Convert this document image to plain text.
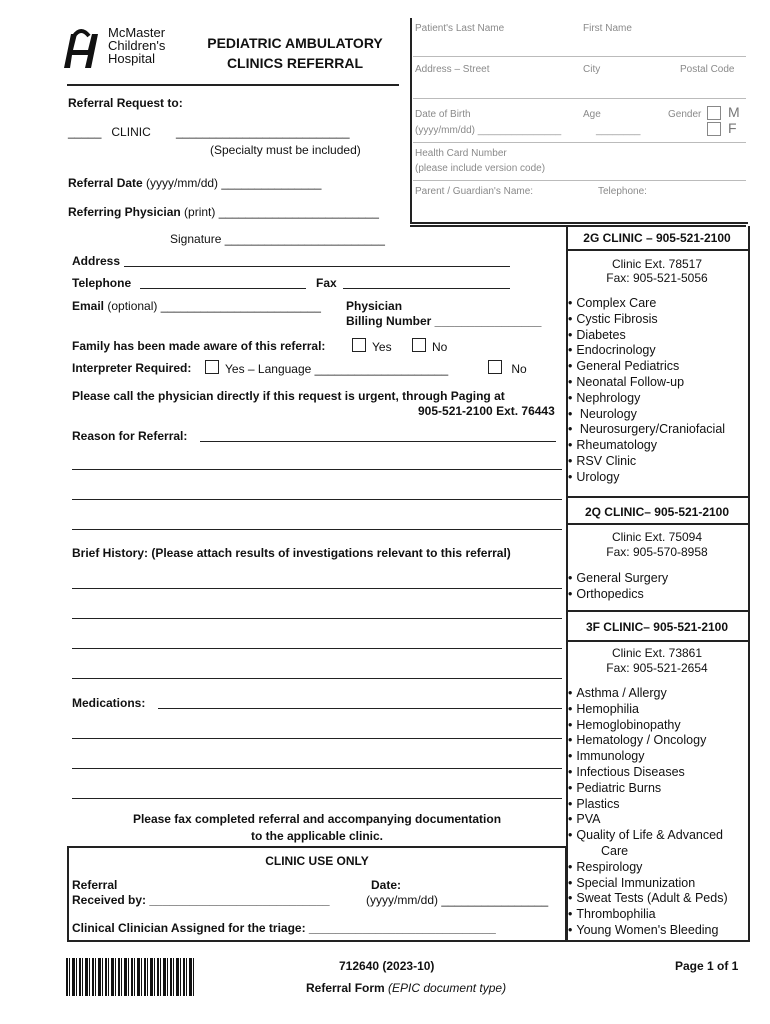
McMaster
Children's
Hospital
PEDIATRIC AMBULATORY
CLINICS REFERRAL
Patient's Last Name	First Name
Address – Street	City	Postal Code
Date of Birth
(yyyy/mm/dd) _______________
Age
________
Gender M
F
Health Card Number
(please include version code)
Parent / Guardian's Name:	Telephone:
Referral Request to:
_____ CLINIC __________________________
(Specialty must be included)
Referral Date (yyyy/mm/dd) _______________
Referring Physician (print) ________________________
Signature ________________________
Address
Telephone	Fax
Email (optional) ________________________ Physician
Billing Number ________________
Family has been made aware of this referral:	Yes	No
Interpreter Required:	Yes – Language ____________________	No
Please call the physician directly if this request is urgent, through Paging at
905-521-2100 Ext. 76443
Reason for Referral:
Brief History: (Please attach results of investigations relevant to this referral)
Medications:
Please fax completed referral and accompanying documentation
to the applicable clinic.
CLINIC USE ONLY
Referral
Received by: ___________________________
Date:
(yyyy/mm/dd) ________________
Clinical Clinician Assigned for the triage: ____________________________
2G CLINIC – 905-521-2100
Clinic Ext. 78517
Fax: 905-521-5056
• Complex Care
• Cystic Fibrosis
• Diabetes
• Endocrinology
• General Pediatrics
• Neonatal Follow-up
• Nephrology
• Neurology
• Neurosurgery/Craniofacial
• Rheumatology
• RSV Clinic
• Urology
2Q CLINIC– 905-521-2100
Clinic Ext. 75094
Fax: 905-570-8958
• General Surgery
• Orthopedics
3F CLINIC– 905-521-2100
Clinic Ext. 73861
Fax: 905-521-2654
• Asthma / Allergy
• Hemophilia
• Hemoglobinopathy
• Hematology / Oncology
• Immunology
• Infectious Diseases
• Pediatric Burns
• Plastics
• PVA
• Quality of Life & Advanced
Care
• Respirology
• Special Immunization
• Sweat Tests (Adult & Peds)
• Thrombophilia
• Young Women's Bleeding
712640 (2023-10)
Referral Form (EPIC document type)
Page 1 of 1
